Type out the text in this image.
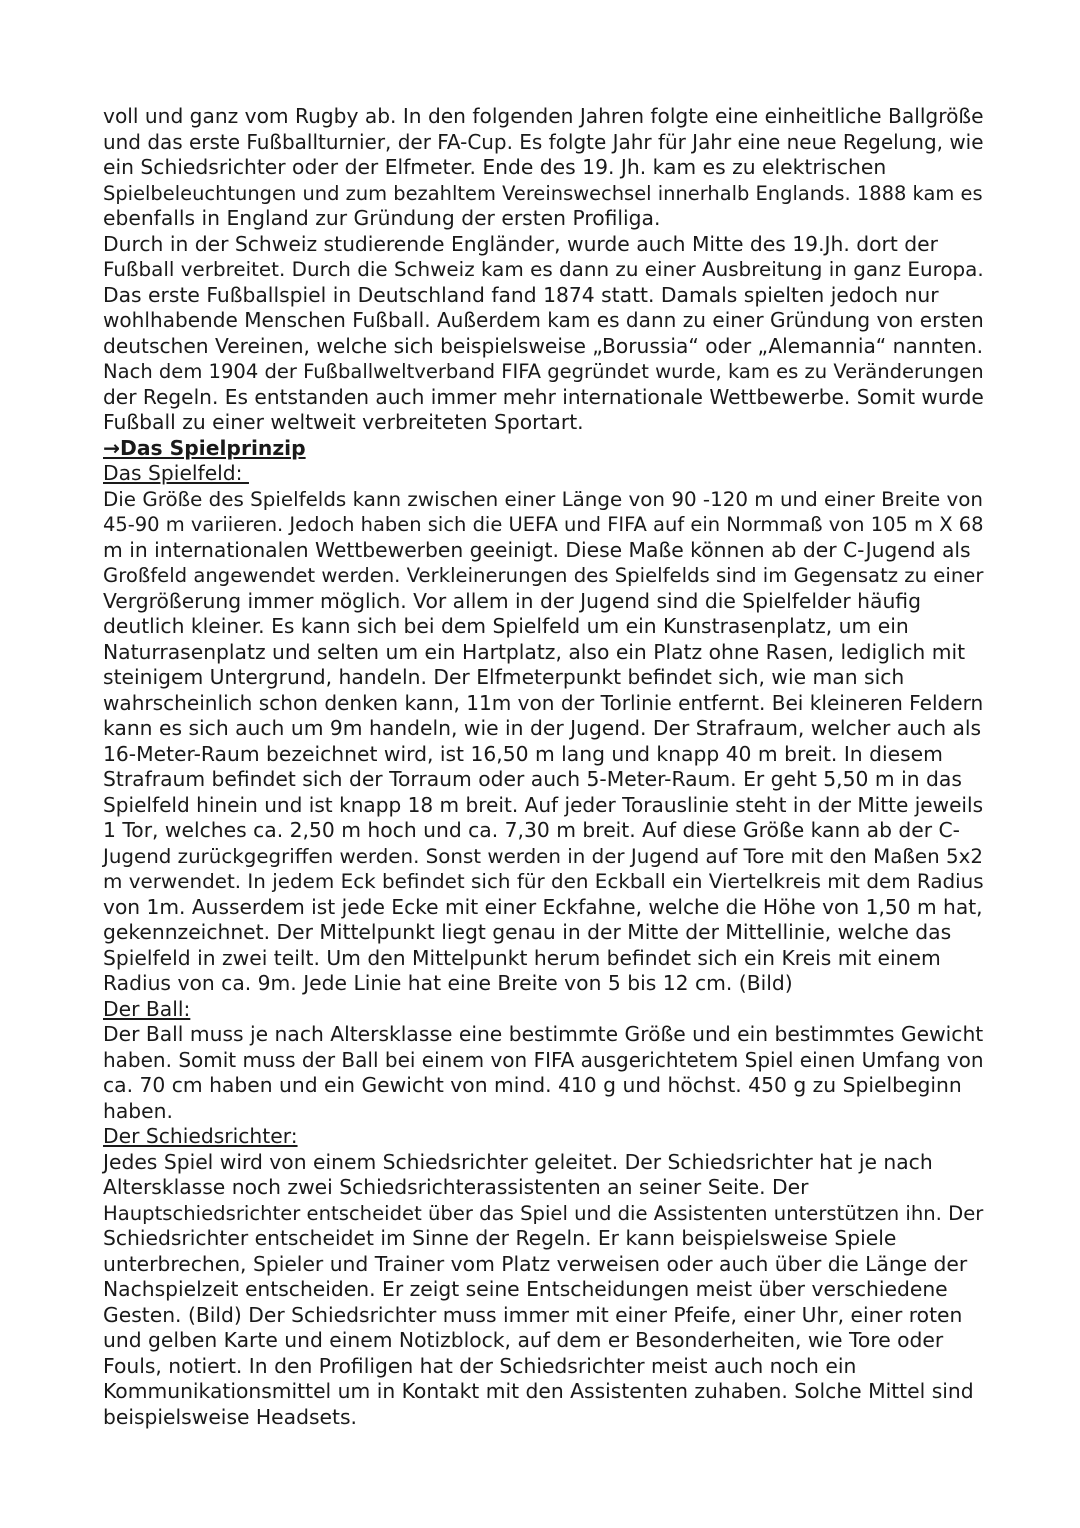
voll und ganz vom Rugby ab. In den folgenden Jahren folgte eine einheitliche Ballgröße
und das erste Fußballturnier, der FA-Cup. Es folgte Jahr für Jahr eine neue Regelung, wie
ein Schiedsrichter oder der Elfmeter. Ende des 19. Jh. kam es zu elektrischen
Spielbeleuchtungen und zum bezahltem Vereinswechsel innerhalb Englands. 1888 kam es
ebenfalls in England zur Gründung der ersten Profiliga.
Durch in der Schweiz studierende Engländer, wurde auch Mitte des 19.Jh. dort der
Fußball verbreitet. Durch die Schweiz kam es dann zu einer Ausbreitung in ganz Europa.
Das erste Fußballspiel in Deutschland fand 1874 statt. Damals spielten jedoch nur
wohlhabende Menschen Fußball. Außerdem kam es dann zu einer Gründung von ersten
deutschen Vereinen, welche sich beispielsweise „Borussia“ oder „Alemannia“ nannten.
Nach dem 1904 der Fußballweltverband FIFA gegründet wurde, kam es zu Veränderungen
der Regeln. Es entstanden auch immer mehr internationale Wettbewerbe. Somit wurde
Fußball zu einer weltweit verbreiteten Sportart.
→Das Spielprinzip
Das Spielfeld:
Die Größe des Spielfelds kann zwischen einer Länge von 90 -120 m und einer Breite von
45-90 m variieren. Jedoch haben sich die UEFA und FIFA auf ein Normmaß von 105 m X 68
m in internationalen Wettbewerben geeinigt. Diese Maße können ab der C-Jugend als
Großfeld angewendet werden. Verkleinerungen des Spielfelds sind im Gegensatz zu einer
Vergrößerung immer möglich. Vor allem in der Jugend sind die Spielfelder häufig
deutlich kleiner. Es kann sich bei dem Spielfeld um ein Kunstrasenplatz, um ein
Naturrasenplatz und selten um ein Hartplatz, also ein Platz ohne Rasen, lediglich mit
steinigem Untergrund, handeln. Der Elfmeterpunkt befindet sich, wie man sich
wahrscheinlich schon denken kann, 11m von der Torlinie entfernt. Bei kleineren Feldern
kann es sich auch um 9m handeln, wie in der Jugend. Der Strafraum, welcher auch als
16-Meter-Raum bezeichnet wird, ist 16,50 m lang und knapp 40 m breit. In diesem
Strafraum befindet sich der Torraum oder auch 5-Meter-Raum. Er geht 5,50 m in das
Spielfeld hinein und ist knapp 18 m breit. Auf jeder Torauslinie steht in der Mitte jeweils
1 Tor, welches ca. 2,50 m hoch und ca. 7,30 m breit. Auf diese Größe kann ab der C-
Jugend zurückgegriffen werden. Sonst werden in der Jugend auf Tore mit den Maßen 5x2
m verwendet. In jedem Eck befindet sich für den Eckball ein Viertelkreis mit dem Radius
von 1m. Ausserdem ist jede Ecke mit einer Eckfahne, welche die Höhe von 1,50 m hat,
gekennzeichnet. Der Mittelpunkt liegt genau in der Mitte der Mittellinie, welche das
Spielfeld in zwei teilt. Um den Mittelpunkt herum befindet sich ein Kreis mit einem
Radius von ca. 9m. Jede Linie hat eine Breite von 5 bis 12 cm. (Bild)
Der Ball:
Der Ball muss je nach Altersklasse eine bestimmte Größe und ein bestimmtes Gewicht
haben. Somit muss der Ball bei einem von FIFA ausgerichtetem Spiel einen Umfang von
ca. 70 cm haben und ein Gewicht von mind. 410 g und höchst. 450 g zu Spielbeginn
haben.
Der Schiedsrichter:
Jedes Spiel wird von einem Schiedsrichter geleitet. Der Schiedsrichter hat je nach
Altersklasse noch zwei Schiedsrichterassistenten an seiner Seite. Der
Hauptschiedsrichter entscheidet über das Spiel und die Assistenten unterstützen ihn. Der
Schiedsrichter entscheidet im Sinne der Regeln. Er kann beispielsweise Spiele
unterbrechen, Spieler und Trainer vom Platz verweisen oder auch über die Länge der
Nachspielzeit entscheiden. Er zeigt seine Entscheidungen meist über verschiedene
Gesten. (Bild) Der Schiedsrichter muss immer mit einer Pfeife, einer Uhr, einer roten
und gelben Karte und einem Notizblock, auf dem er Besonderheiten, wie Tore oder
Fouls, notiert. In den Profiligen hat der Schiedsrichter meist auch noch ein
Kommunikationsmittel um in Kontakt mit den Assistenten zuhaben. Solche Mittel sind
beispielsweise Headsets.
